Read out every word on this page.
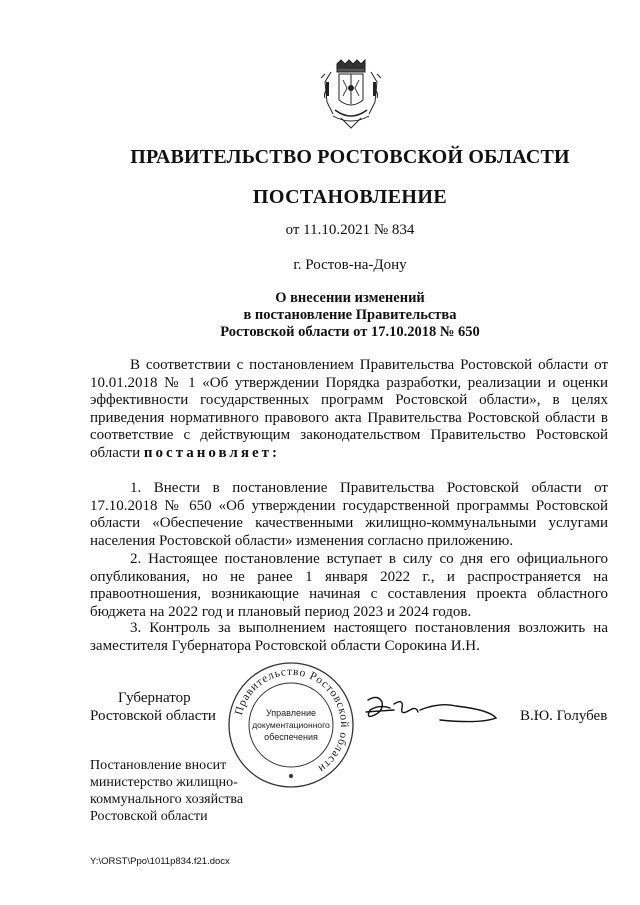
ПРАВИТЕЛЬСТВО РОСТОВСКОЙ ОБЛАСТИ
ПОСТАНОВЛЕНИЕ
от 11.10.2021 № 834
г. Ростов-на-Дону
О внесении изменений
в постановление Правительства
Ростовской области от 17.10.2018 № 650

В соответствии с постановлением Правительства Ростовской области от 10.01.2018 № 1 «Об утверждении Порядка разработки, реализации и оценки эффективности государственных программ Ростовской области», в целях приведения нормативного правового акта Правительства Ростовской области в соответствие с действующим законодательством Правительство Ростовской области постановляет:

1. Внести в постановление Правительства Ростовской области от 17.10.2018 № 650 «Об утверждении государственной программы Ростовской области «Обеспечение качественными жилищно-коммунальными услугами населения Ростовской области» изменения согласно приложению.

2. Настоящее постановление вступает в силу со дня его официального опубликования, но не ранее 1 января 2022 г., и распространяется на правоотношения, возникающие начиная с составления проекта областного бюджета на 2022 год и плановый период 2023 и 2024 годов.

3. Контроль за выполнением настоящего постановления возложить на заместителя Губернатора Ростовской области Сорокина И.Н.

Губернатор
Ростовской области	Правительство Ростовской области
Управление
документационного
обеспечения
В.Ю. Голубев
Постановление вносит министерство жилищно-коммунального хозяйства Ростовской области
Y:\ORST\Ppo\1011p834.f21.docx
